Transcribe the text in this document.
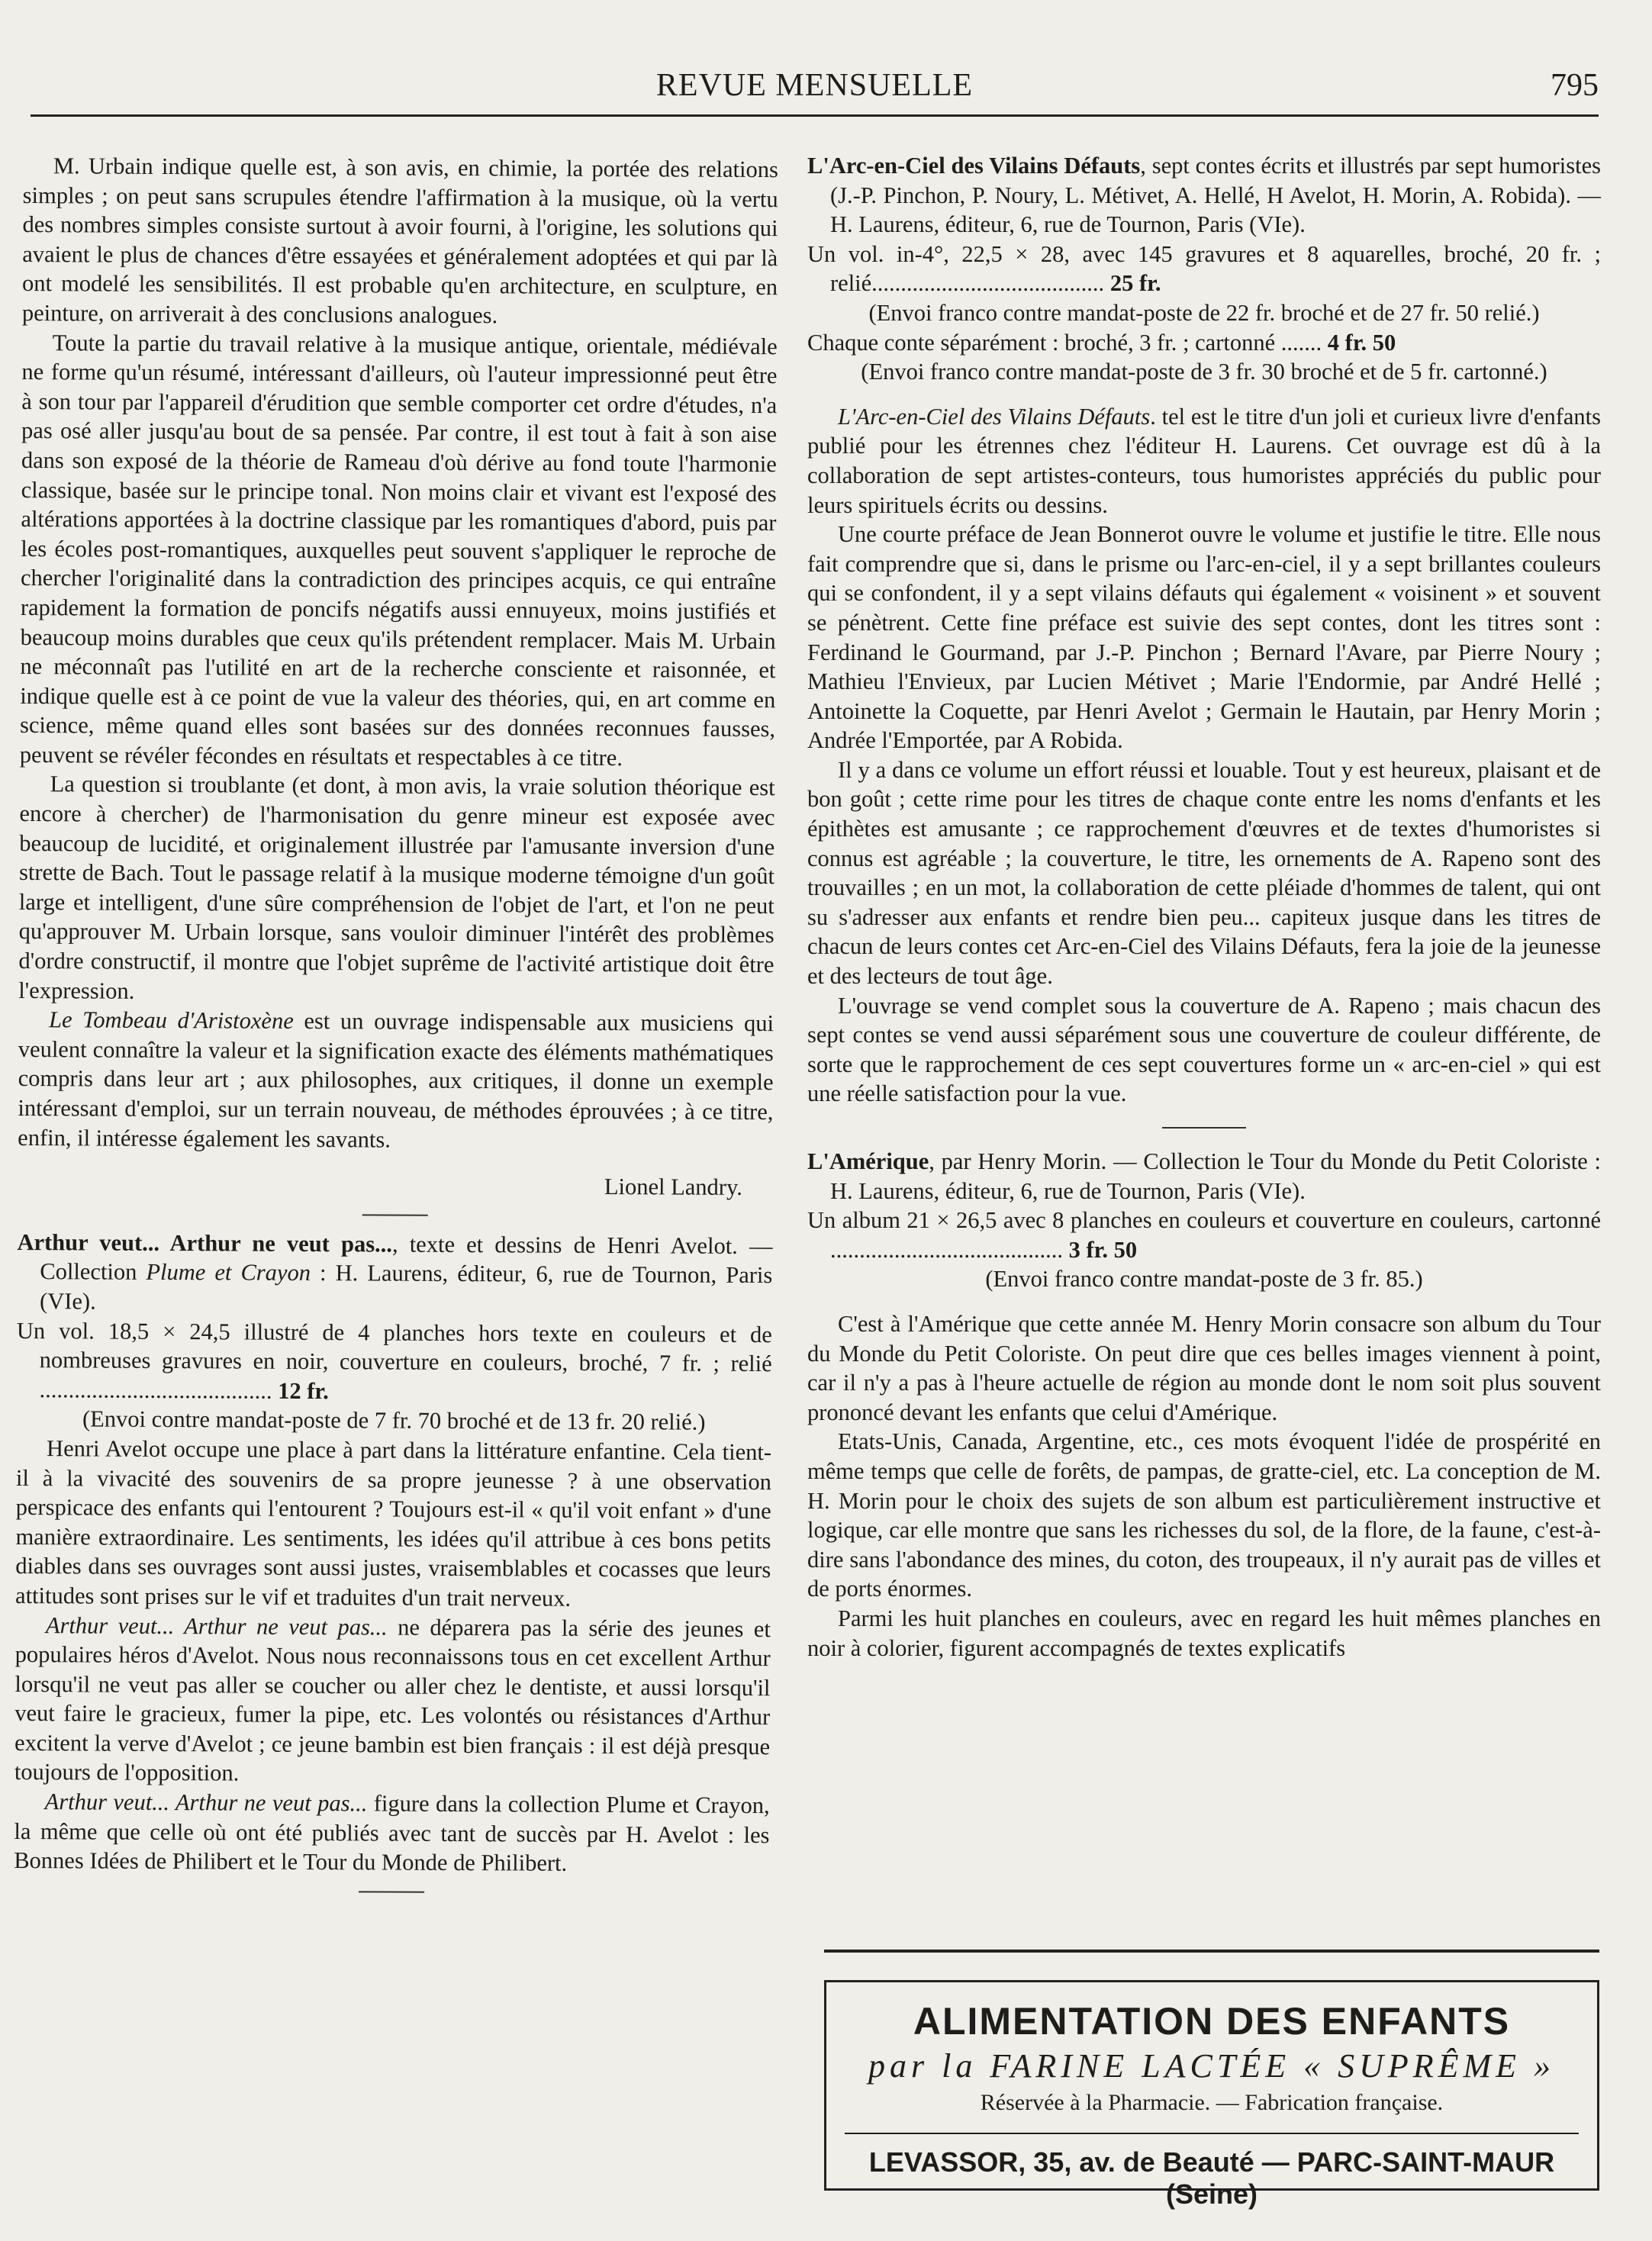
REVUE MENSUELLE	795

M. Urbain indique quelle est, à son avis, en chimie, la portée des relations simples ; on peut sans scrupules étendre l'affirmation à la musique, où la vertu des nombres simples consiste surtout à avoir fourni, à l'origine, les solutions qui avaient le plus de chances d'être essayées et généralement adoptées et qui par là ont modelé les sensibilités. Il est probable qu'en architecture, en sculpture, en peinture, on arriverait à des conclusions analogues.

Toute la partie du travail relative à la musique antique, orientale, médiévale ne forme qu'un résumé, intéressant d'ailleurs, où l'auteur impressionné peut être à son tour par l'appareil d'érudition que semble comporter cet ordre d'études, n'a pas osé aller jusqu'au bout de sa pensée. Par contre, il est tout à fait à son aise dans son exposé de la théorie de Rameau d'où dérive au fond toute l'harmonie classique, basée sur le principe tonal. Non moins clair et vivant est l'exposé des altérations apportées à la doctrine classique par les romantiques d'abord, puis par les écoles post-romantiques, auxquelles peut souvent s'appliquer le reproche de chercher l'originalité dans la contradiction des principes acquis, ce qui entraîne rapidement la formation de poncifs négatifs aussi ennuyeux, moins justifiés et beaucoup moins durables que ceux qu'ils prétendent remplacer. Mais M. Urbain ne méconnaît pas l'utilité en art de la recherche consciente et raisonnée, et indique quelle est à ce point de vue la valeur des théories, qui, en art comme en science, même quand elles sont basées sur des données reconnues fausses, peuvent se révéler fécondes en résultats et respectables à ce titre.

La question si troublante (et dont, à mon avis, la vraie solution théorique est encore à chercher) de l'harmonisation du genre mineur est exposée avec beaucoup de lucidité, et originalement illustrée par l'amusante inversion d'une strette de Bach. Tout le passage relatif à la musique moderne témoigne d'un goût large et intelligent, d'une sûre compréhension de l'objet de l'art, et l'on ne peut qu'approuver M. Urbain lorsque, sans vouloir diminuer l'intérêt des problèmes d'ordre constructif, il montre que l'objet suprême de l'activité artistique doit être l'expression.

Le Tombeau d'Aristoxène est un ouvrage indispensable aux musiciens qui veulent connaître la valeur et la signification exacte des éléments mathématiques compris dans leur art ; aux philosophes, aux critiques, il donne un exemple intéressant d'emploi, sur un terrain nouveau, de méthodes éprouvées ; à ce titre, enfin, il intéresse également les savants.

Lionel Landry.

Arthur veut... Arthur ne veut pas..., texte et dessins de Henri Avelot. — Collection Plume et Crayon : H. Laurens, éditeur, 6, rue de Tournon, Paris (VIe).

Un vol. 18,5 × 24,5 illustré de 4 planches hors texte en couleurs et de nombreuses gravures en noir, couverture en couleurs, broché, 7 fr. ; relié ........................................ 12 fr.

(Envoi contre mandat-poste de 7 fr. 70 broché et de 13 fr. 20 relié.)

Henri Avelot occupe une place à part dans la littérature enfantine. Cela tient-il à la vivacité des souvenirs de sa propre jeunesse ? à une observation perspicace des enfants qui l'entourent ? Toujours est-il « qu'il voit enfant » d'une manière extraordinaire. Les sentiments, les idées qu'il attribue à ces bons petits diables dans ses ouvrages sont aussi justes, vraisemblables et cocasses que leurs attitudes sont prises sur le vif et traduites d'un trait nerveux.

Arthur veut... Arthur ne veut pas... ne déparera pas la série des jeunes et populaires héros d'Avelot. Nous nous reconnaissons tous en cet excellent Arthur lorsqu'il ne veut pas aller se coucher ou aller chez le dentiste, et aussi lorsqu'il veut faire le gracieux, fumer la pipe, etc. Les volontés ou résistances d'Arthur excitent la verve d'Avelot ; ce jeune bambin est bien français : il est déjà presque toujours de l'opposition.

Arthur veut... Arthur ne veut pas... figure dans la collection Plume et Crayon, la même que celle où ont été publiés avec tant de succès par H. Avelot : les Bonnes Idées de Philibert et le Tour du Monde de Philibert.

L'Arc-en-Ciel des Vilains Défauts, sept contes écrits et illustrés par sept humoristes (J.-P. Pinchon, P. Noury, L. Métivet, A. Hellé, H Avelot, H. Morin, A. Robida). — H. Laurens, éditeur, 6, rue de Tournon, Paris (VIe).

Un vol. in-4°, 22,5 × 28, avec 145 gravures et 8 aquarelles, broché, 20 fr. ; relié........................................ 25 fr.

(Envoi franco contre mandat-poste de 22 fr. broché et de 27 fr. 50 relié.)

Chaque conte séparément : broché, 3 fr. ; cartonné ....... 4 fr. 50

(Envoi franco contre mandat-poste de 3 fr. 30 broché et de 5 fr. cartonné.)

L'Arc-en-Ciel des Vilains Défauts. tel est le titre d'un joli et curieux livre d'enfants publié pour les étrennes chez l'éditeur H. Laurens. Cet ouvrage est dû à la collaboration de sept artistes-conteurs, tous humoristes appréciés du public pour leurs spirituels écrits ou dessins.

Une courte préface de Jean Bonnerot ouvre le volume et justifie le titre. Elle nous fait comprendre que si, dans le prisme ou l'arc-en-ciel, il y a sept brillantes couleurs qui se confondent, il y a sept vilains défauts qui également « voisinent » et souvent se pénètrent. Cette fine préface est suivie des sept contes, dont les titres sont : Ferdinand le Gourmand, par J.-P. Pinchon ; Bernard l'Avare, par Pierre Noury ; Mathieu l'Envieux, par Lucien Métivet ; Marie l'Endormie, par André Hellé ; Antoinette la Coquette, par Henri Avelot ; Germain le Hautain, par Henry Morin ; Andrée l'Emportée, par A Robida.

Il y a dans ce volume un effort réussi et louable. Tout y est heureux, plaisant et de bon goût ; cette rime pour les titres de chaque conte entre les noms d'enfants et les épithètes est amusante ; ce rapprochement d'œuvres et de textes d'humoristes si connus est agréable ; la couverture, le titre, les ornements de A. Rapeno sont des trouvailles ; en un mot, la collaboration de cette pléiade d'hommes de talent, qui ont su s'adresser aux enfants et rendre bien peu... capiteux jusque dans les titres de chacun de leurs contes cet Arc-en-Ciel des Vilains Défauts, fera la joie de la jeunesse et des lecteurs de tout âge.

L'ouvrage se vend complet sous la couverture de A. Rapeno ; mais chacun des sept contes se vend aussi séparément sous une couverture de couleur différente, de sorte que le rapprochement de ces sept couvertures forme un « arc-en-ciel » qui est une réelle satisfaction pour la vue.

L'Amérique, par Henry Morin. — Collection le Tour du Monde du Petit Coloriste : H. Laurens, éditeur, 6, rue de Tournon, Paris (VIe).

Un album 21 × 26,5 avec 8 planches en couleurs et couverture en couleurs, cartonné ........................................ 3 fr. 50

(Envoi franco contre mandat-poste de 3 fr. 85.)

C'est à l'Amérique que cette année M. Henry Morin consacre son album du Tour du Monde du Petit Coloriste. On peut dire que ces belles images viennent à point, car il n'y a pas à l'heure actuelle de région au monde dont le nom soit plus souvent prononcé devant les enfants que celui d'Amérique.

Etats-Unis, Canada, Argentine, etc., ces mots évoquent l'idée de prospérité en même temps que celle de forêts, de pampas, de gratte-ciel, etc. La conception de M. H. Morin pour le choix des sujets de son album est particulièrement instructive et logique, car elle montre que sans les richesses du sol, de la flore, de la faune, c'est-à-dire sans l'abondance des mines, du coton, des troupeaux, il n'y aurait pas de villes et de ports énormes.

Parmi les huit planches en couleurs, avec en regard les huit mêmes planches en noir à colorier, figurent accompagnés de textes explicatifs

ALIMENTATION DES ENFANTS
par la FARINE LACTÉE « SUPRÊME »
Réservée à la Pharmacie. — Fabrication française.
LEVASSOR, 35, av. de Beauté — PARC-SAINT-MAUR (Seine)
